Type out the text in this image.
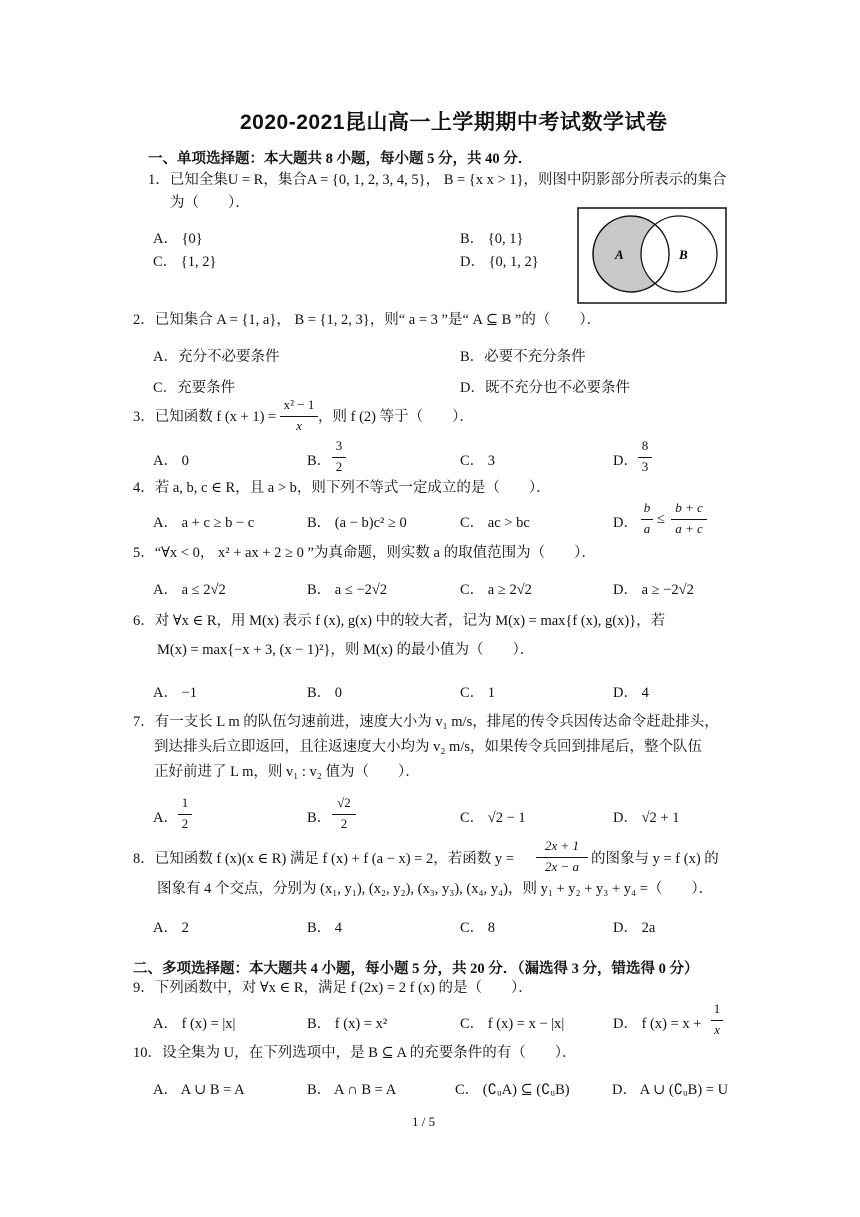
2020-2021昆山高一上学期期中考试数学试卷
一、单项选择题：本大题共 8 小题，每小题 5 分，共 40 分．
1．已知全集U = R，集合A = {0, 1, 2, 3, 4, 5}， B = {x x > 1}，则图中阴影部分所表示的集合
为（　　）．
A． {0}	B． {0, 1}
C． {1, 2}	D． {0, 1, 2}	A	B
2．已知集合 A = {1, a}， B = {1, 2, 3}，则“ a = 3 ”是“ A ⊆ B ”的（　　）．
A．充分不必要条件	B．必要不充分条件
C．充要条件	D．既不充分也不必要条件
3．已知函数 f (x + 1) =
x² − 1
x
，则 f (2) 等于（　　）．
A． 0	B．
3
2	C． 3	D．
8
3
4．若 a, b, c ∈ R，且 a > b，则下列不等式一定成立的是（　　）．
A． a + c ≥ b − c	B． (a − b)c² ≥ 0	C． ac > bc	D．
b
a
≤
b + c
a + c
5．“∀x < 0， x² + ax + 2 ≥ 0 ”为真命题，则实数 a 的取值范围为（　　）．
A． a ≤ 2√2	B． a ≤ −2√2	C． a ≥ 2√2	D． a ≥ −2√2
6．对 ∀x ∈ R，用 M(x) 表示 f (x), g(x) 中的较大者，记为 M(x) = max{f (x), g(x)}，若
M(x) = max{−x + 3, (x − 1)²}，则 M(x) 的最小值为（　　）．
A． −1	B． 0	C． 1	D． 4
7．有一支长 L m 的队伍匀速前进，速度大小为 v₁ m/s，排尾的传令兵因传达命令赶赴排头，
到达排头后立即返回，且往返速度大小均为 v₂ m/s，如果传令兵回到排尾后，整个队伍
正好前进了 L m，则 v₁ : v₂ 值为（　　）．
A．
1
2	B．
√2
2	C． √2 − 1	D． √2 + 1
8．已知函数 f (x)(x ∈ R) 满足 f (x) + f (a − x) = 2，若函数 y =
2x + 1
2x − a 的图象与 y = f (x) 的
图象有 4 个交点，分别为 (x₁, y₁), (x₂, y₂), (x₃, y₃), (x₄, y₄)，则 y₁ + y₂ + y₃ + y₄ =（　　）．
A． 2	B． 4	C． 8	D． 2a
二、多项选择题：本大题共 4 小题，每小题 5 分，共 20 分．（漏选得 3 分，错选得 0 分）
9．下列函数中，对 ∀x ∈ R，满足 f (2x) = 2 f (x) 的是（　　）．
A． f (x) = |x|	B． f (x) = x²	C． f (x) = x − |x|	D． f (x) = x +
1
x
10．设全集为 U，在下列选项中，是 B ⊆ A 的充要条件的有（　　）．
A． A ∪ B = A	B． A ∩ B = A	C． (∁ᵤA) ⊆ (∁ᵤB)	D． A ∪ (∁ᵤB) = U
1 / 5
